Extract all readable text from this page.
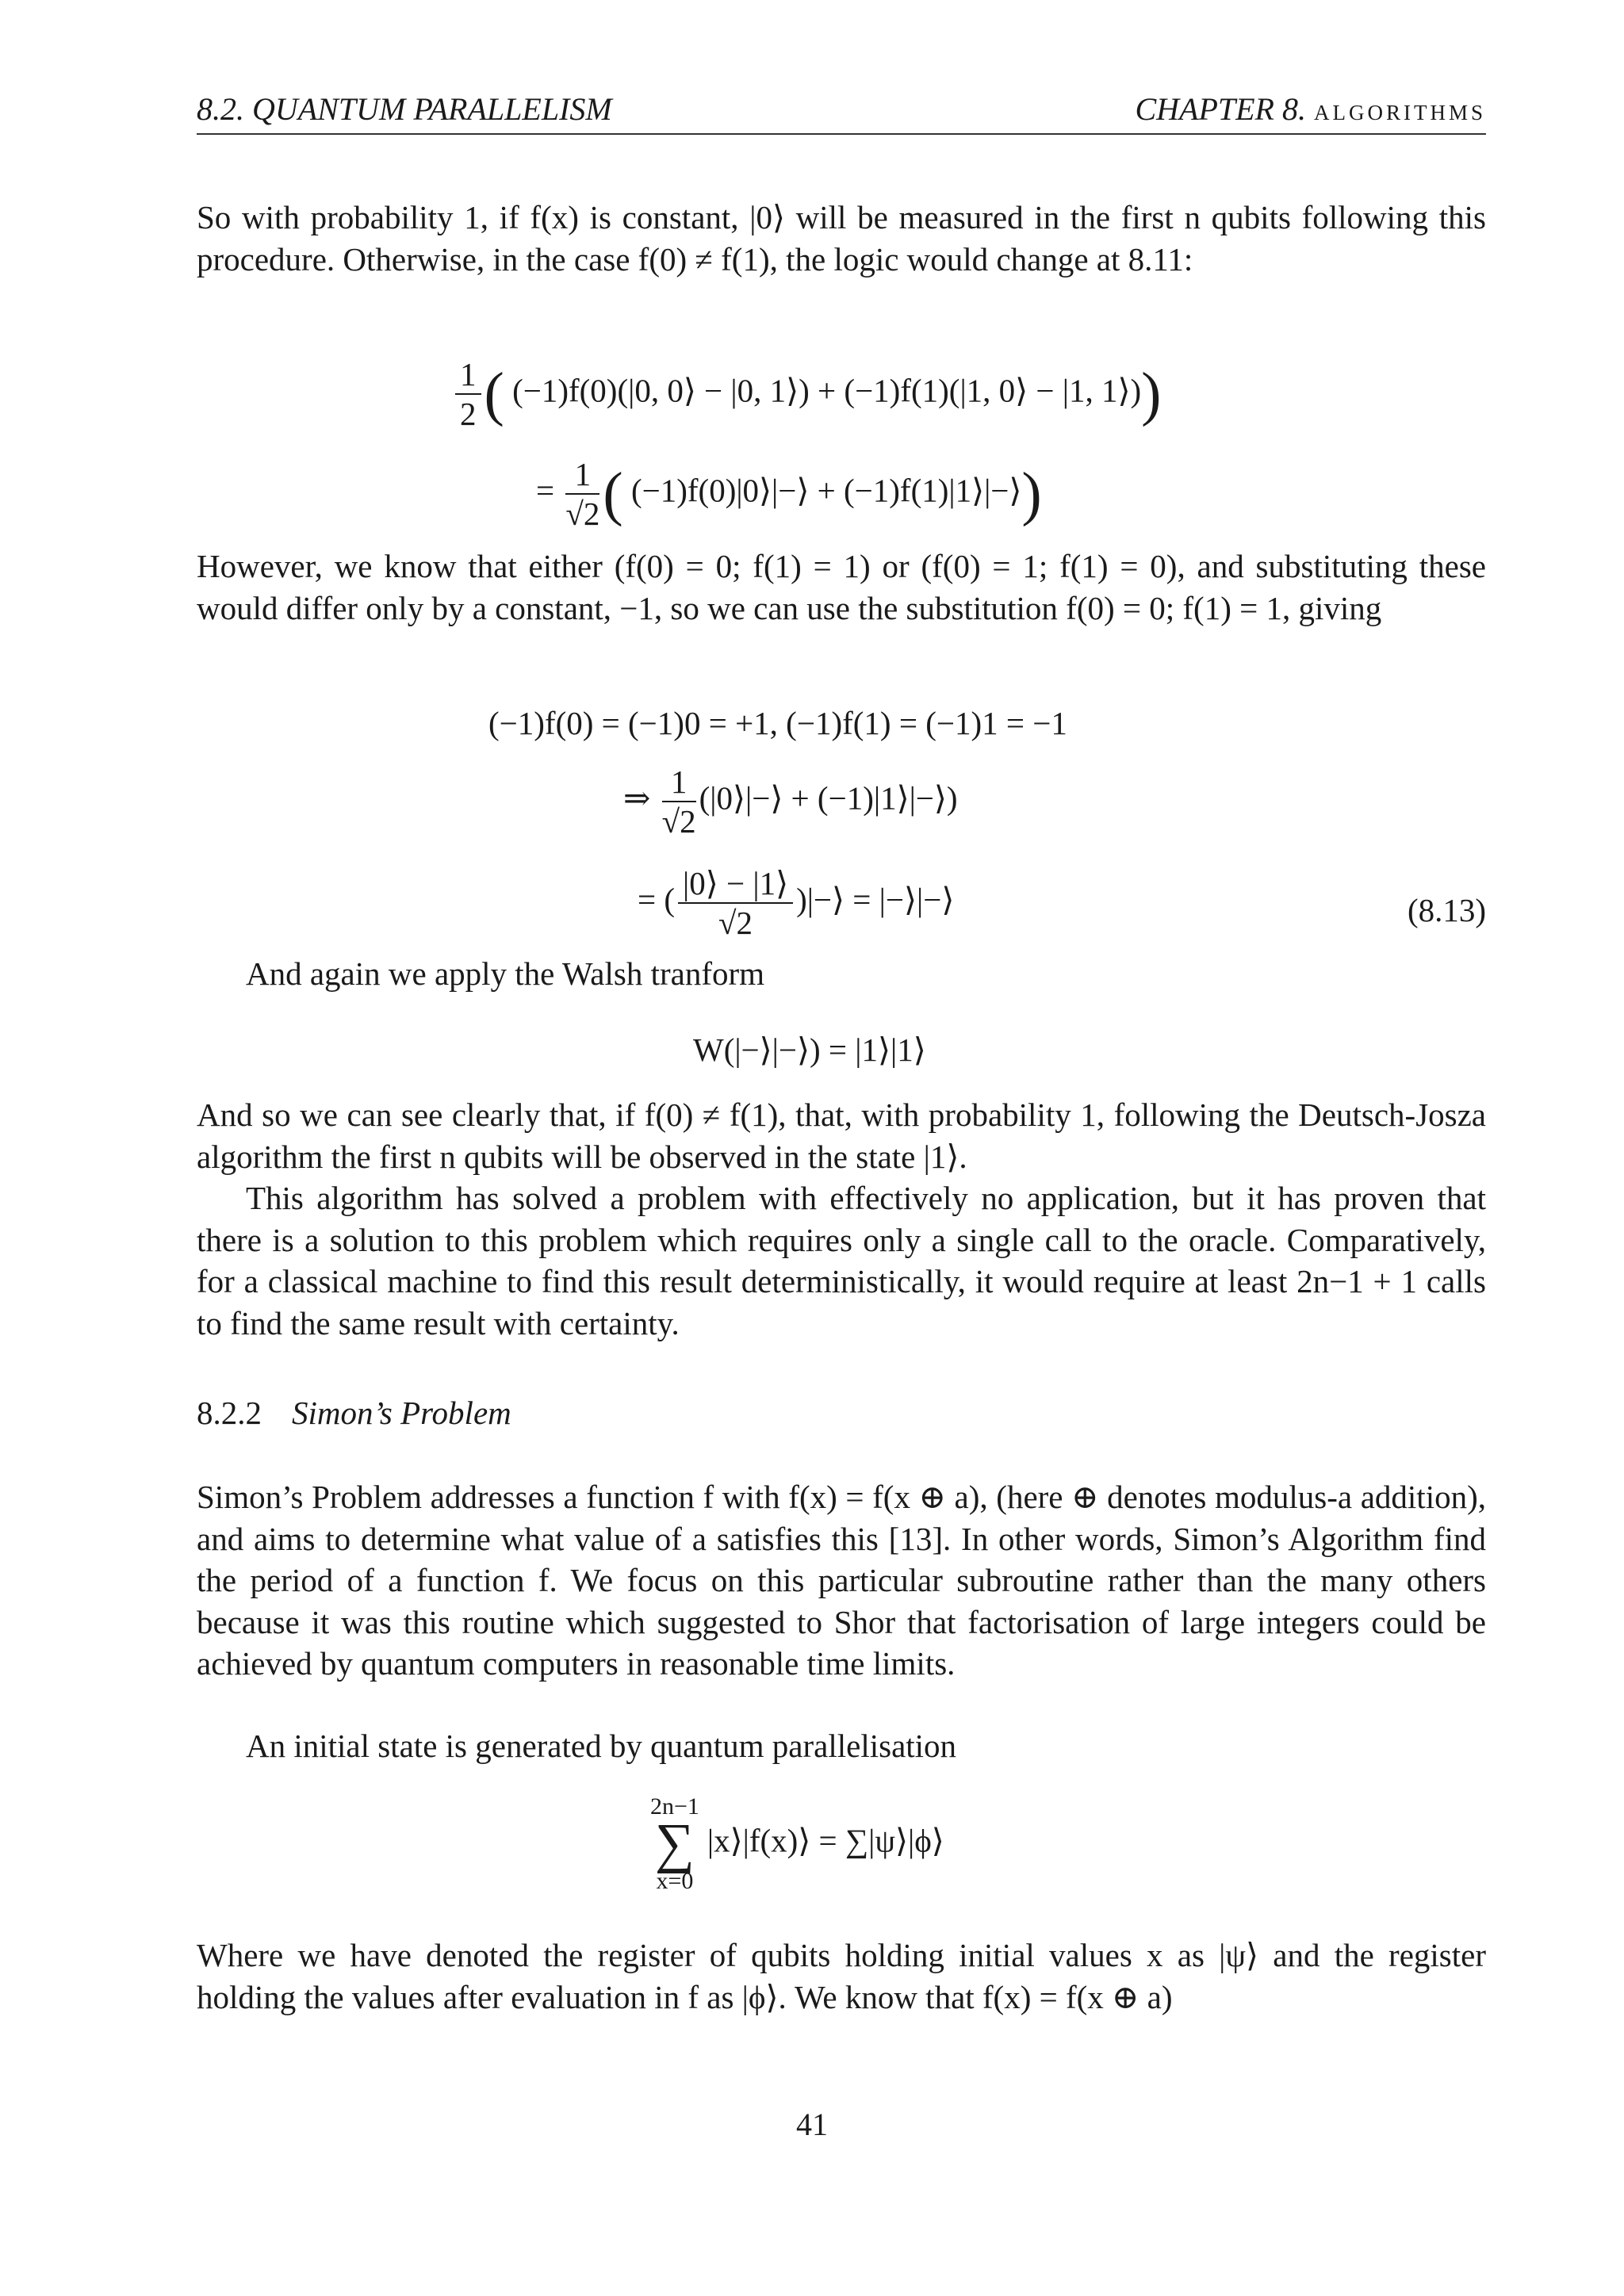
8.2. QUANTUM PARALLELISM	CHAPTER 8. algorithms
So with probability 1, if f(x) is constant, |0⟩ will be measured in the first n qubits following this procedure. Otherwise, in the case f(0) ≠ f(1), the logic would change at 8.11:
$\frac{1}{2}$ ( (−1)f(0)(|0, 0⟩ − |0, 1⟩) + (−1)f(1)(|1, 0⟩ − |1, 1⟩))
= $\frac{1}{√2}$ ( (−1)f(0)|0⟩|−⟩ + (−1)f(1)|1⟩|−⟩)
However, we know that either (f(0) = 0; f(1) = 1) or (f(0) = 1; f(1) = 0), and substituting these would differ only by a constant, −1, so we can use the substitution f(0) = 0; f(1) = 1, giving
(−1)f(0) = (−1)0 = +1, (−1)f(1) = (−1)1 = −1
⇒ $\frac{1}{√2}$ (|0⟩|−⟩ + (−1)|1⟩|−⟩)
= ( $\frac{|0⟩ - |1⟩}{√2}$ )|−⟩ = |−⟩|−⟩	(8.13)
And again we apply the Walsh tranform
W(|−⟩|−⟩) = |1⟩|1⟩
And so we can see clearly that, if f(0) ≠ f(1), that, with probability 1, following the Deutsch-Josza algorithm the first n qubits will be observed in the state |1⟩.
This algorithm has solved a problem with effectively no application, but it has proven that there is a solution to this problem which requires only a single call to the oracle. Comparatively, for a classical machine to find this result deterministically, it would require at least 2n−1 + 1 calls to find the same result with certainty.
8.2.2 Simon’s Problem
Simon’s Problem addresses a function f with f(x) = f(x ⊕ a), (here ⊕ denotes modulus-a addition), and aims to determine what value of a satisfies this [13]. In other words, Simon’s Algorithm find the period of a function f. We focus on this particular subroutine rather than the many others because it was this routine which suggested to Shor that factorisation of large integers could be achieved by quantum computers in reasonable time limits.
An initial state is generated by quantum parallelisation
2n−1
∑
x=0
|x⟩|f(x)⟩ = ∑|ψ⟩|ϕ⟩
Where we have denoted the register of qubits holding initial values x as |ψ⟩ and the register holding the values after evaluation in f as |ϕ⟩. We know that f(x) = f(x ⊕ a)
41
